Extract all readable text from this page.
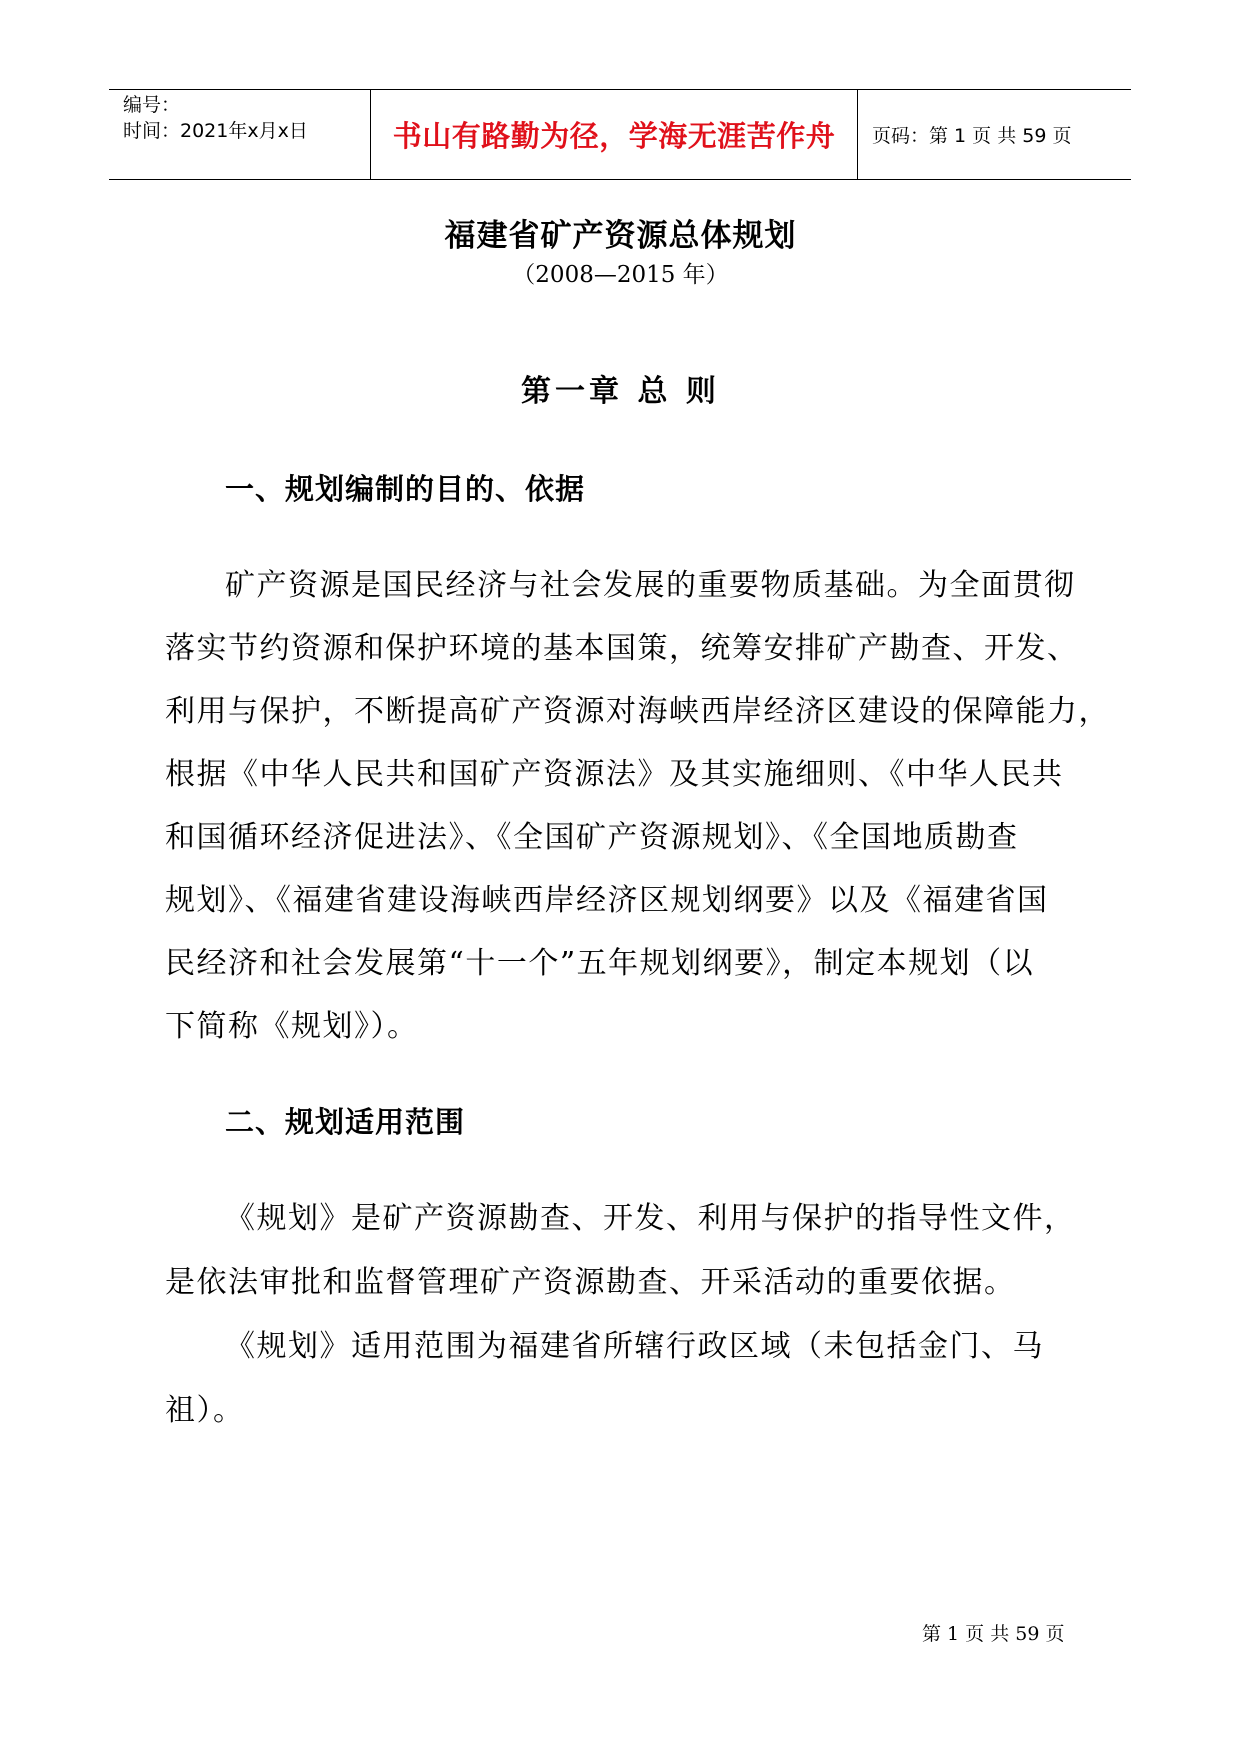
编号：
时间：2021年x月x日	书山有路勤为径，学海无涯苦作舟 页码：第 1 页 共 59 页
福建省矿产资源总体规划
（2008—2015 年）
第一章 总 则
一、规划编制的目的、依据
矿产资源是国民经济与社会发展的重要物质基础。为全面贯彻
落实节约资源和保护环境的基本国策，统筹安排矿产勘查、开发、
利用与保护，不断提高矿产资源对海峡西岸经济区建设的保障能力，
根据《中华人民共和国矿产资源法》及其实施细则、《中华人民共
和国循环经济促进法》、《全国矿产资源规划》、《全国地质勘查
规划》、《福建省建设海峡西岸经济区规划纲要》以及《福建省国
民经济和社会发展第“十一个”五年规划纲要》，制定本规划（以
下简称《规划》）。
二、规划适用范围
《规划》是矿产资源勘查、开发、利用与保护的指导性文件，
是依法审批和监督管理矿产资源勘查、开采活动的重要依据。
《规划》适用范围为福建省所辖行政区域（未包括金门、马
祖）。
第 1 页 共 59 页
